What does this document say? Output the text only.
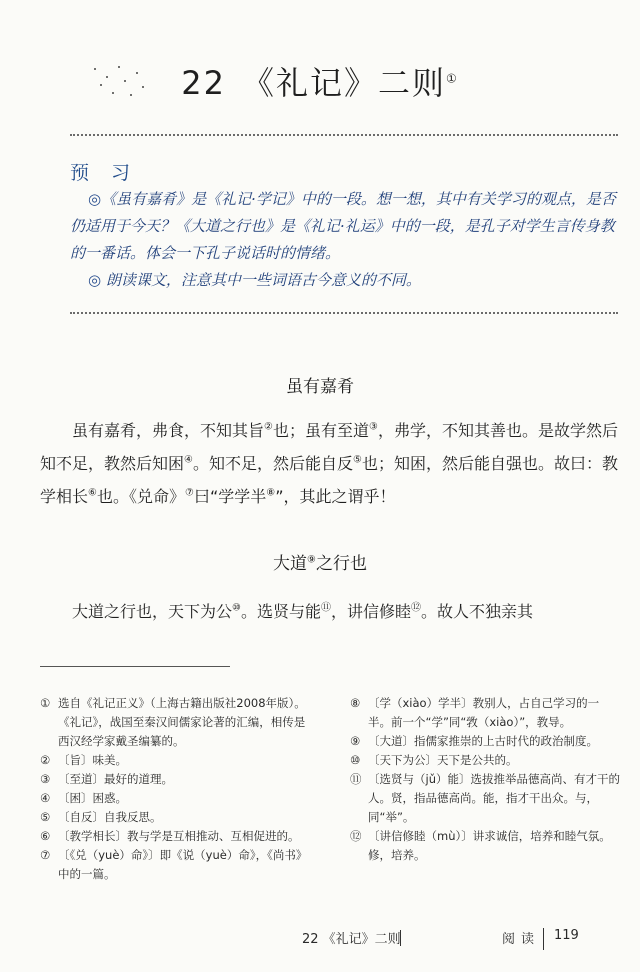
22 《礼记》二则①
预 习

◎《虽有嘉肴》是《礼记·学记》中的一段。想一想，其中有关学习的观点，是否仍适用于今天？《大道之行也》是《礼记·礼运》中的一段，是孔子对学生言传身教的一番话。体会一下孔子说话时的情绪。

◎ 朗读课文，注意其中一些词语古今意义的不同。

虽有嘉肴
虽有嘉肴，弗食，不知其旨②也；虽有至道③，弗学，不知其善也。是故学然后知不足，教然后知困④。知不足，然后能自反⑤也；知困，然后能自强也。故曰：教学相长⑥也。《兑命》⑦曰“学学半⑧”，其此之谓乎！
大道⑨之行也
大道之行也，天下为公⑩。选贤与能⑪，讲信修睦⑫。故人不独亲其
① 选自《礼记正义》（上海古籍出版社2008年版）。《礼记》，战国至秦汉间儒家论著的汇编，相传是西汉经学家戴圣编纂的。
② 〔旨〕味美。
③ 〔至道〕最好的道理。
④ 〔困〕困惑。
⑤ 〔自反〕自我反思。
⑥ 〔教学相长〕教与学是互相推动、互相促进的。
⑦ 〔《兑（yuè）命》〕即《说（yuè）命》，《尚书》中的一篇。
⑧ 〔学（xiào）学半〕教别人，占自己学习的一半。前一个“学”同“敩（xiào）”，教导。
⑨ 〔大道〕指儒家推崇的上古时代的政治制度。
⑩ 〔天下为公〕天下是公共的。
⑪ 〔选贤与（jǔ）能〕选拔推举品德高尚、有才干的人。贤，指品德高尚。能，指才干出众。与，同“举”。
⑫ 〔讲信修睦（mù）〕讲求诚信，培养和睦气氛。修，培养。
22 《礼记》二则	阅读 119
